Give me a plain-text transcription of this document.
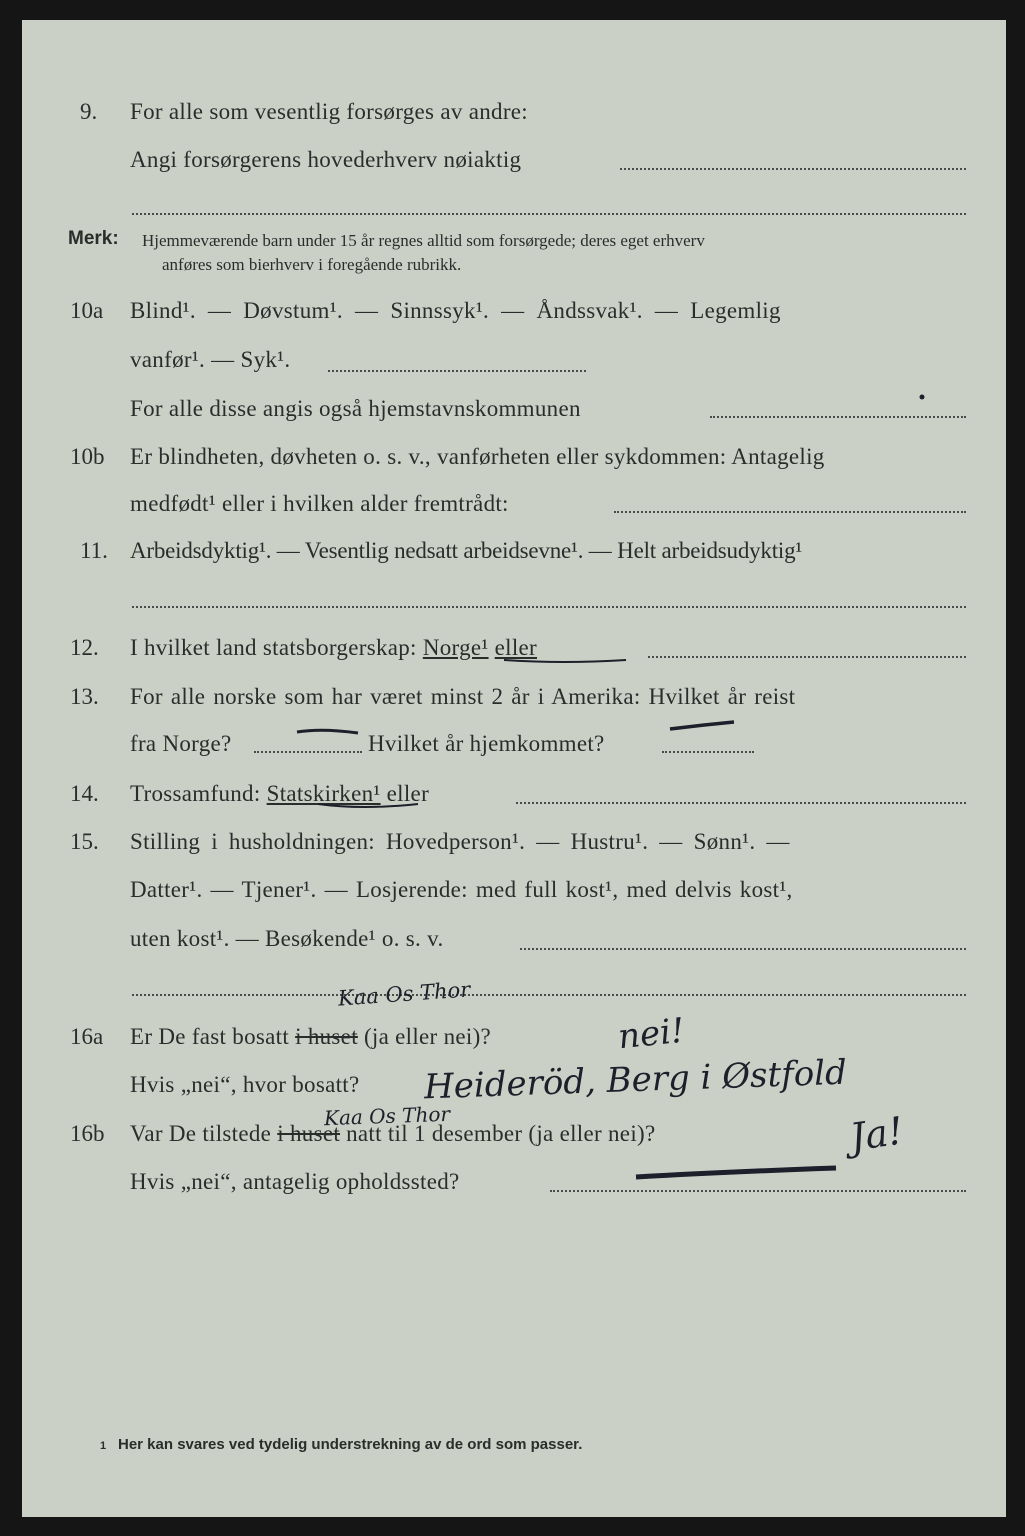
9. For alle som vesentlig forsørges av andre:
Angi forsørgerens hovederhverv nøiaktig
Merk: Hjemmeværende barn under 15 år regnes alltid som forsørgede; deres eget erhverv
anføres som bierhverv i foregående rubrikk.
10a Blind¹. — Døvstum¹. — Sinnssyk¹. — Åndssvak¹. — Legemlig
vanfør¹. — Syk¹.
For alle disse angis også hjemstavnskommunen
10b Er blindheten, døvheten o. s. v., vanførheten eller sykdommen: Antagelig
medfødt¹ eller i hvilken alder fremtrådt:
11. Arbeidsdyktig¹. — Vesentlig nedsatt arbeidsevne¹. — Helt arbeidsudyktig¹
12. I hvilket land statsborgerskap: Norge¹ eller
13. For alle norske som har været minst 2 år i Amerika: Hvilket år reist
fra Norge?	Hvilket år hjemkommet?
14. Trossamfund: Statskirken¹ eller
15. Stilling i husholdningen: Hovedperson¹. — Hustru¹. — Sønn¹. —
Datter¹. — Tjener¹. — Losjerende: med full kost¹, med delvis kost¹,
uten kost¹. — Besøkende¹ o. s. v.
16a Er De fast bosatt i huset (ja eller nei)?
Hvis „nei“, hvor bosatt?
16b Var De tilstede i huset natt til 1 desember (ja eller nei)?
Hvis „nei“, antagelig opholdssted?
Kaa Os Thor
nei!
Heideröd, Berg i Østfold
Kaa Os Thor	Ja!
1 Her kan svares ved tydelig understrekning av de ord som passer.
